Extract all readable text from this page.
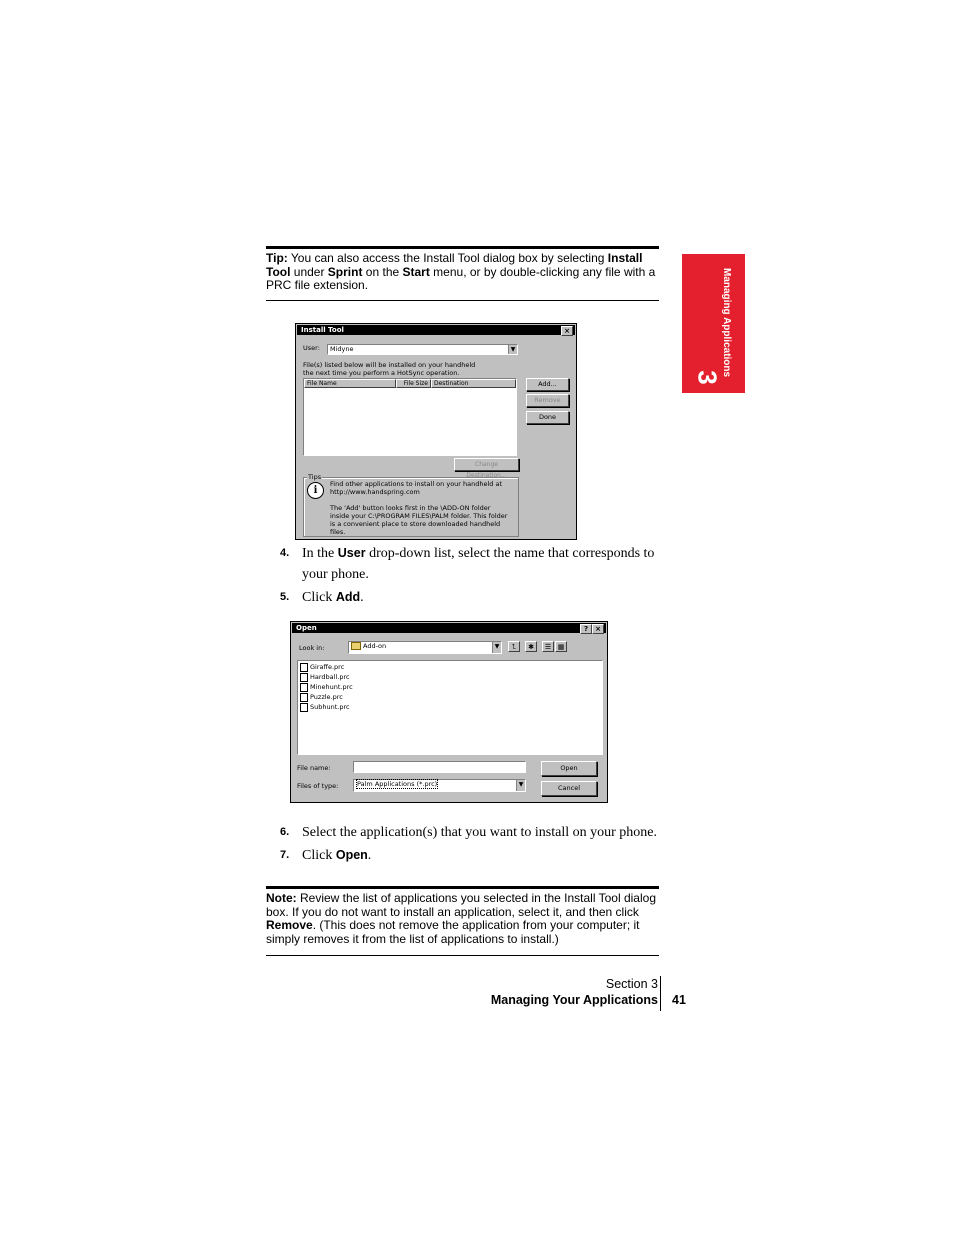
Tip: You can also access the Install Tool dialog box by selecting Install Tool under Sprint on the Start menu, or by double-clicking any file with a PRC file extension.	Managing Applications
3
Install Tool	×
User:	Midyne	▼
File(s) listed below will be installed on your handheld the next time you perform a HotSync operation.
File Name	File Size	Destination	Add...
Remove
Done
Change Destination...
Tips
i
Find other applications to install on your handheld at http://www.handspring.com
The 'Add' button looks first in the \ADD-ON folder inside your C:\PROGRAM FILES\PALM folder. This folder is a convenient place to store downloaded handheld files.
4. In the User drop-down list, select the name that corresponds to your phone.
5. Click Add.
Open	?	×
Look in:	Add-on	▼	⮤	✱	☰ ▦
Giraffe.prc
Hardball.prc
Minehunt.prc
Puzzle.prc
Subhunt.prc
File name:
Files of type:	Palm Applications (*.prc)	▼
Open
Cancel
6. Select the application(s) that you want to install on your phone.
7. Click Open.
Note: Review the list of applications you selected in the Install Tool dialog box. If you do not want to install an application, select it, and then click Remove. (This does not remove the application from your computer; it simply removes it from the list of applications to install.)
Section 3
Managing Your Applications 41
